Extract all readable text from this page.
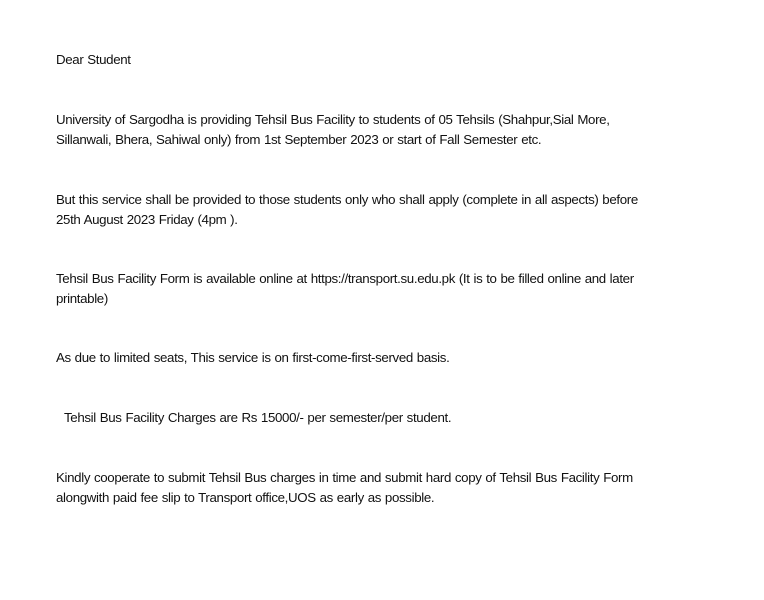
Dear Student

University of Sargodha is providing Tehsil Bus Facility to students of 05 Tehsils (Shahpur,Sial More,
Sillanwali, Bhera, Sahiwal only) from 1st September 2023 or start of Fall Semester etc.

But this service shall be provided to those students only who shall apply (complete in all aspects) before
25th August 2023 Friday (4pm ).

Tehsil Bus Facility Form is available online at https://transport.su.edu.pk (It is to be filled online and later
printable)

As due to limited seats, This service is on first-come-first-served basis.

Tehsil Bus Facility Charges are Rs 15000/- per semester/per student.

Kindly cooperate to submit Tehsil Bus charges in time and submit hard copy of Tehsil Bus Facility Form
alongwith paid fee slip to Transport office,UOS as early as possible.
